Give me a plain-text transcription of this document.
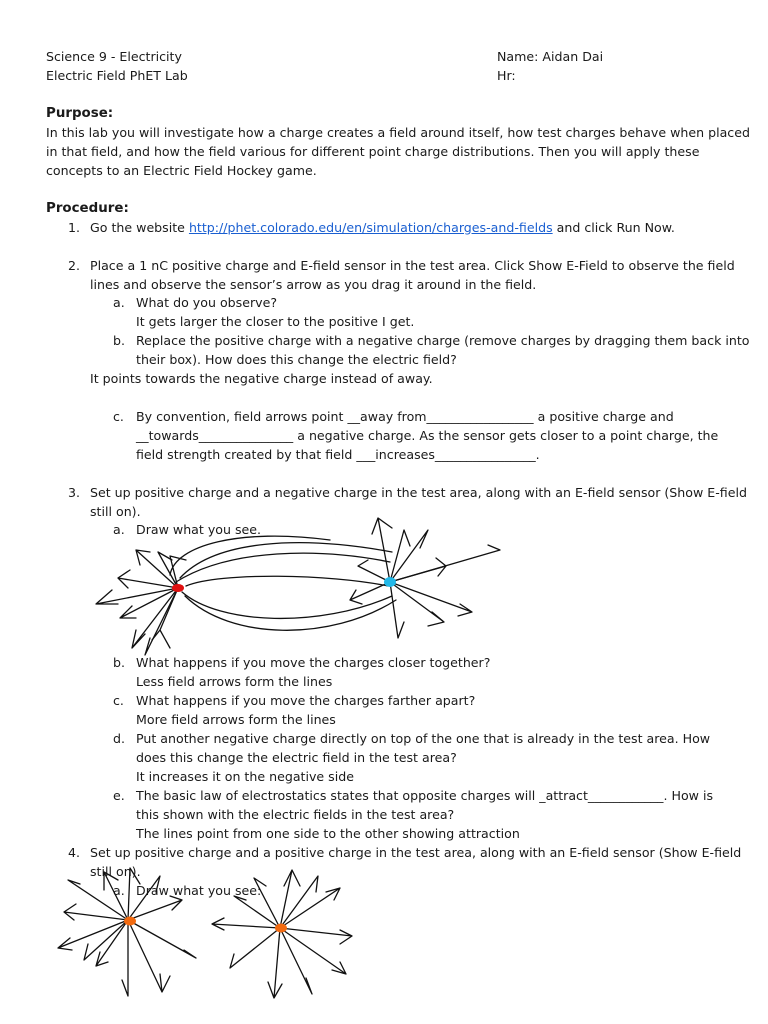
Science 9 - Electricity
Electric Field PhET Lab
Name: Aidan Dai
Hr:
Purpose:
In this lab you will investigate how a charge creates a field around itself, how test charges behave when placed
in that field, and how the field various for different point charge distributions. Then you will apply these
concepts to an Electric Field Hockey game.
Procedure:
1. Go the website http://phet.colorado.edu/en/simulation/charges-and-fields and click Run Now.
2. Place a 1 nC positive charge and E-field sensor in the test area. Click Show E-Field to observe the field
lines and observe the sensor’s arrow as you drag it around in the field.
a. What do you observe?
It gets larger the closer to the positive I get.
b. Replace the positive charge with a negative charge (remove charges by dragging them back into
their box). How does this change the electric field?
It points towards the negative charge instead of away.
c. By convention, field arrows point __away from_________________ a positive charge and
__towards_______________ a negative charge. As the sensor gets closer to a point charge, the
field strength created by that field ___increases________________.
3. Set up positive charge and a negative charge in the test area, along with an E-field sensor (Show E-field
still on).
a. Draw what you see.
b. What happens if you move the charges closer together?
Less field arrows form the lines
c. What happens if you move the charges farther apart?
More field arrows form the lines
d. Put another negative charge directly on top of the one that is already in the test area. How
does this change the electric field in the test area?
It increases it on the negative side
e. The basic law of electrostatics states that opposite charges will _attract____________. How is
this shown with the electric fields in the test area?
The lines point from one side to the other showing attraction
4. Set up positive charge and a positive charge in the test area, along with an E-field sensor (Show E-field
still on).
a. Draw what you see:
